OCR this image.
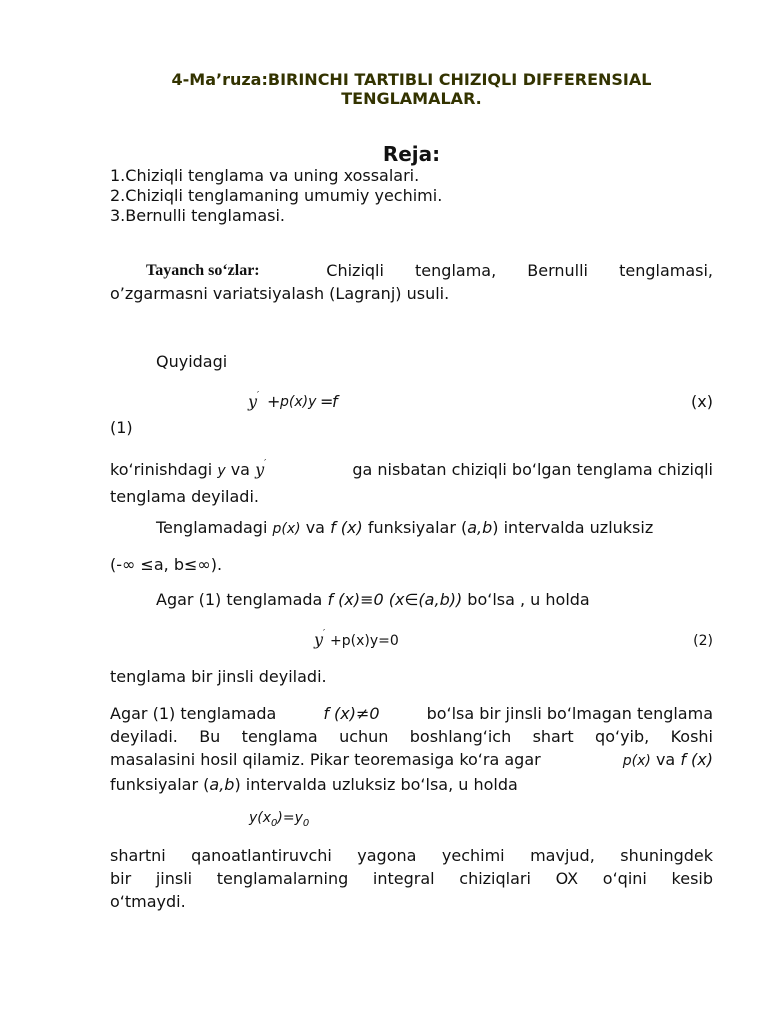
4-Ma’ruza:BIRINCHI TARTIBLI CHIZIQLI DIFFERENSIAL
TENGLAMALAR.
Reja:
1.Chiziqli tenglama va uning xossalari.
2.Chiziqli tenglamaning umumiy yechimi.
3.Bernulli tenglamasi.
Tayanch so‘zlar:	Chiziqli tenglama, Bernulli tenglamasi,
o’zgarmasni variatsiyalash (Lagranj) usuli.
Quyidagi
y′ + p(x)y =
f	(x)
(1)
ko‘rinishdagi y va y′	ga nisbatan chiziqli bo‘lgan tenglama chiziqli
tenglama deyiladi.
Tenglamadagi p(x) va f (x) funksiyalar (a,b) intervalda uzluksiz
(-∞ ≤a, b≤∞).
Agar (1) tenglamada f (x)≡0 (x∈(a,b)) bo‘lsa , u holda
y′ +p(x)y=0	(2)
tenglama bir jinsli deyiladi.
Agar (1) tenglamada	f (x)≠0	bo‘lsa bir jinsli bo‘lmagan tenglama
deyiladi. Bu tenglama uchun boshlang‘ich shart qo‘yib, Koshi
masalasini hosil qilamiz. Pikar teoremasiga ko‘ra agar	p(x) va f (x)
funksiyalar (a,b) intervalda uzluksiz bo‘lsa, u holda
$y(x_0)=y_0$
shartni qanoatlantiruvchi yagona yechimi mavjud, shuningdek
bir jinsli tenglamalarning integral chiziqlari OX o‘qini kesib
o‘tmaydi.
